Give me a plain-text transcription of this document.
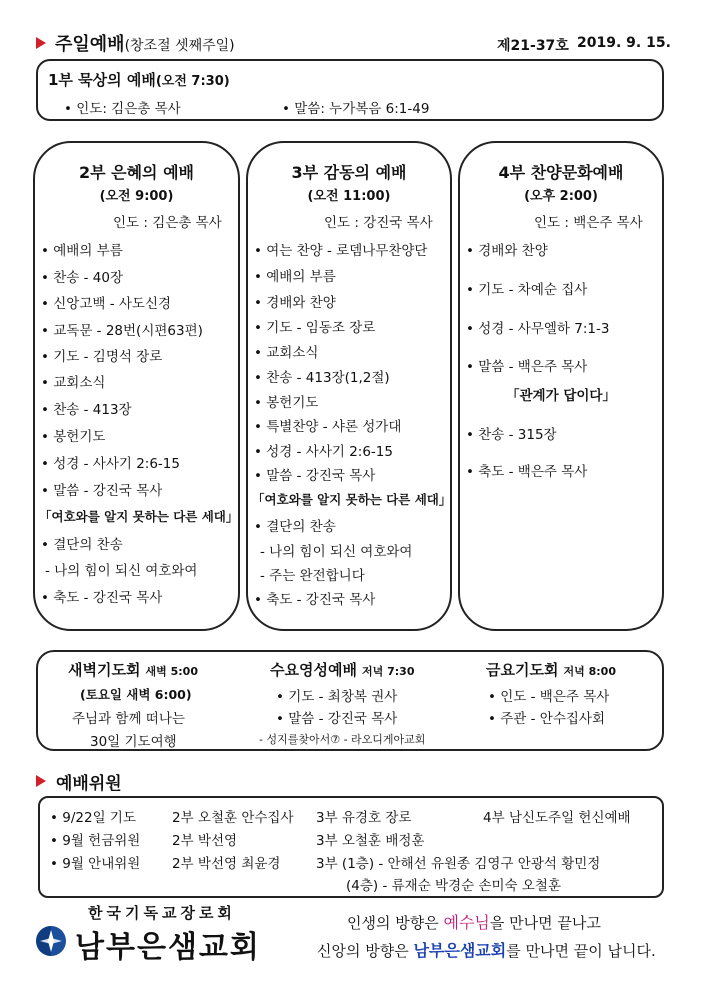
주일예배(창조절 셋째주일)	제21-37호 2019. 9. 15.
1부 묵상의 예배(오전 7:30)
• 인도: 김은총 목사	• 말씀: 누가복음 6:1-49
2부 은혜의 예배
(오전 9:00)
인도 : 김은총 목사
• 예배의 부름
• 찬송 - 40장
• 신앙고백 - 사도신경
• 교독문 - 28번(시편63편)
• 기도 - 김명석 장로
• 교회소식
• 찬송 - 413장
• 봉헌기도
• 성경 - 사사기 2:6-15
• 말씀 - 강진국 목사
「여호와를 알지 못하는 다른 세대」
• 결단의 찬송
- 나의 힘이 되신 여호와여
• 축도 - 강진국 목사
3부 감동의 예배
(오전 11:00)
인도 : 강진국 목사
• 여는 찬양 - 로뎀나무찬양단
• 예배의 부름
• 경배와 찬양
• 기도 - 임동조 장로
• 교회소식
• 찬송 - 413장(1,2절)
• 봉헌기도
• 특별찬양 - 샤론 성가대
• 성경 - 사사기 2:6-15
• 말씀 - 강진국 목사
「여호와를 알지 못하는 다른 세대」
• 결단의 찬송
- 나의 힘이 되신 여호와여
- 주는 완전합니다
• 축도 - 강진국 목사
4부 찬양문화예배
(오후 2:00)
인도 : 백은주 목사
• 경배와 찬양
• 기도 - 차예순 집사
• 성경 - 사무엘하 7:1-3
• 말씀 - 백은주 목사
「관계가 답이다」
• 찬송 - 315장
• 축도 - 백은주 목사
새벽기도회 새벽 5:00
(토요일 새벽 6:00)
주님과 함께 떠나는
30일 기도여행
수요영성예배 저녁 7:30
• 기도 - 최창복 권사
• 말씀 - 강진국 목사
- 성지를찾아서⑦ - 라오디게아교회
금요기도회 저녁 8:00
• 인도 - 백은주 목사
• 주관 - 안수집사회
예배위원
• 9/22일 기도	2부 오철훈 안수집사 3부 유경호 장로	4부 남신도주일 헌신예배
• 9월 헌금위원 2부 박선영	3부 오철훈 배정훈
• 9월 안내위원 2부 박선영 최윤경	3부 (1층) - 안해선 유원종 김영구 안광석 황민정
(4층) - 류재순 박경순 손미숙 오철훈
한국기독교장로회
남부은샘교회
인생의 방향은 예수님을 만나면 끝나고
신앙의 방향은 남부은샘교회를 만나면 끝이 납니다.
